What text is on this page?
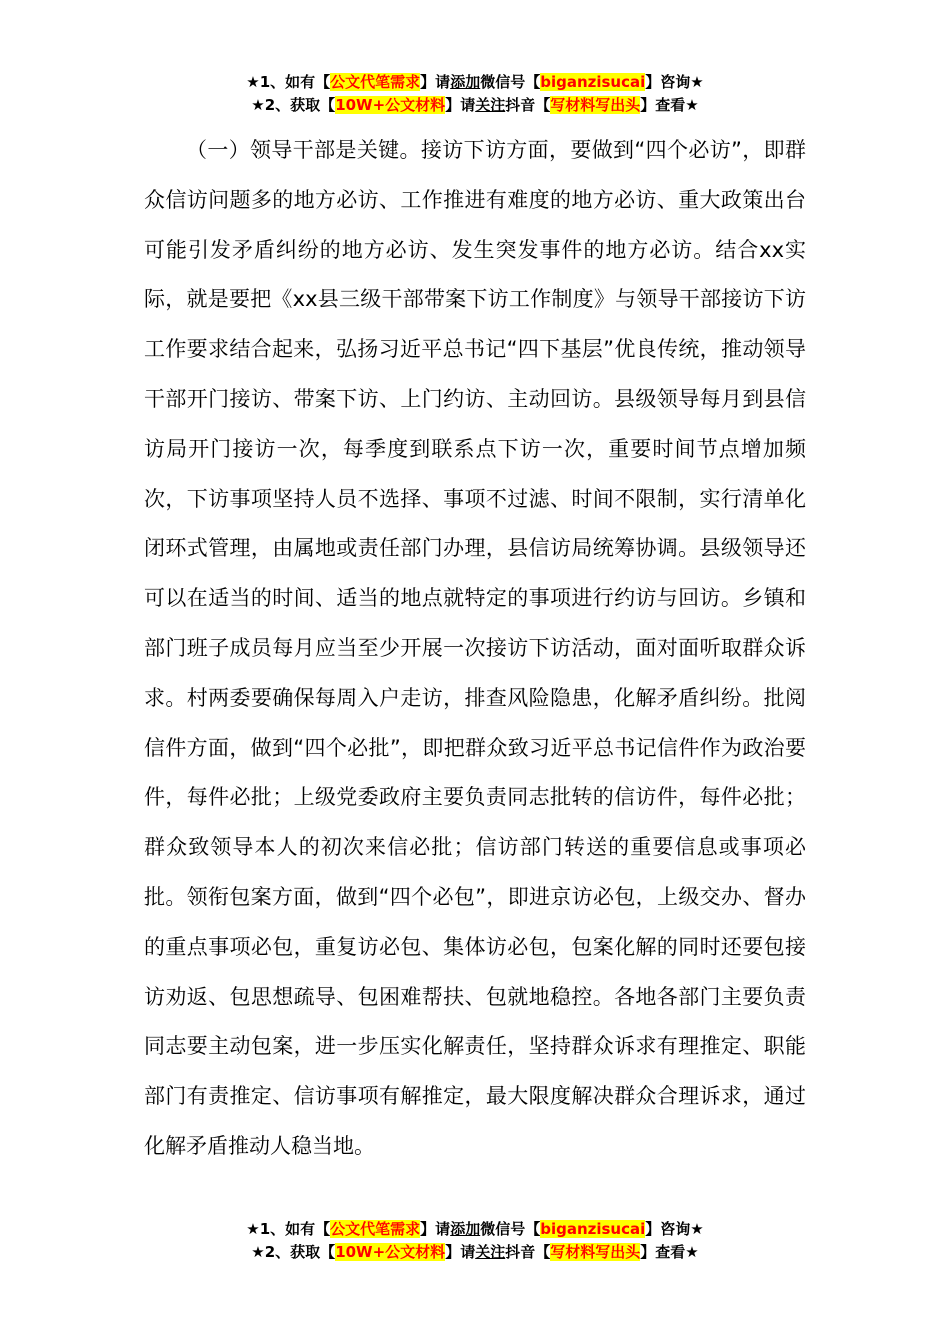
★1、如有【公文代笔需求】请添加微信号【biganzisucai】咨询★
★2、获取【10W+公文材料】请关注抖音【写材料写出头】查看★

（一）领导干部是关键。接访下访方面，要做到“四个必访”，即群众信访问题多的地方必访、工作推进有难度的地方必访、重大政策出台可能引发矛盾纠纷的地方必访、发生突发事件的地方必访。结合xx实际，就是要把《xx县三级干部带案下访工作制度》与领导干部接访下访工作要求结合起来，弘扬习近平总书记“四下基层”优良传统，推动领导干部开门接访、带案下访、上门约访、主动回访。县级领导每月到县信访局开门接访一次，每季度到联系点下访一次，重要时间节点增加频次，下访事项坚持人员不选择、事项不过滤、时间不限制，实行清单化闭环式管理，由属地或责任部门办理，县信访局统筹协调。县级领导还可以在适当的时间、适当的地点就特定的事项进行约访与回访。乡镇和部门班子成员每月应当至少开展一次接访下访活动，面对面听取群众诉求。村两委要确保每周入户走访，排查风险隐患，化解矛盾纠纷。批阅信件方面，做到“四个必批”，即把群众致习近平总书记信件作为政治要件，每件必批；上级党委政府主要负责同志批转的信访件，每件必批；群众致领导本人的初次来信必批；信访部门转送的重要信息或事项必批。领衔包案方面，做到“四个必包”，即进京访必包，上级交办、督办的重点事项必包，重复访必包、集体访必包，包案化解的同时还要包接访劝返、包思想疏导、包困难帮扶、包就地稳控。各地各部门主要负责同志要主动包案，进一步压实化解责任，坚持群众诉求有理推定、职能部门有责推定、信访事项有解推定，最大限度解决群众合理诉求，通过化解矛盾推动人稳当地。

★1、如有【公文代笔需求】请添加微信号【biganzisucai】咨询★
★2、获取【10W+公文材料】请关注抖音【写材料写出头】查看★
